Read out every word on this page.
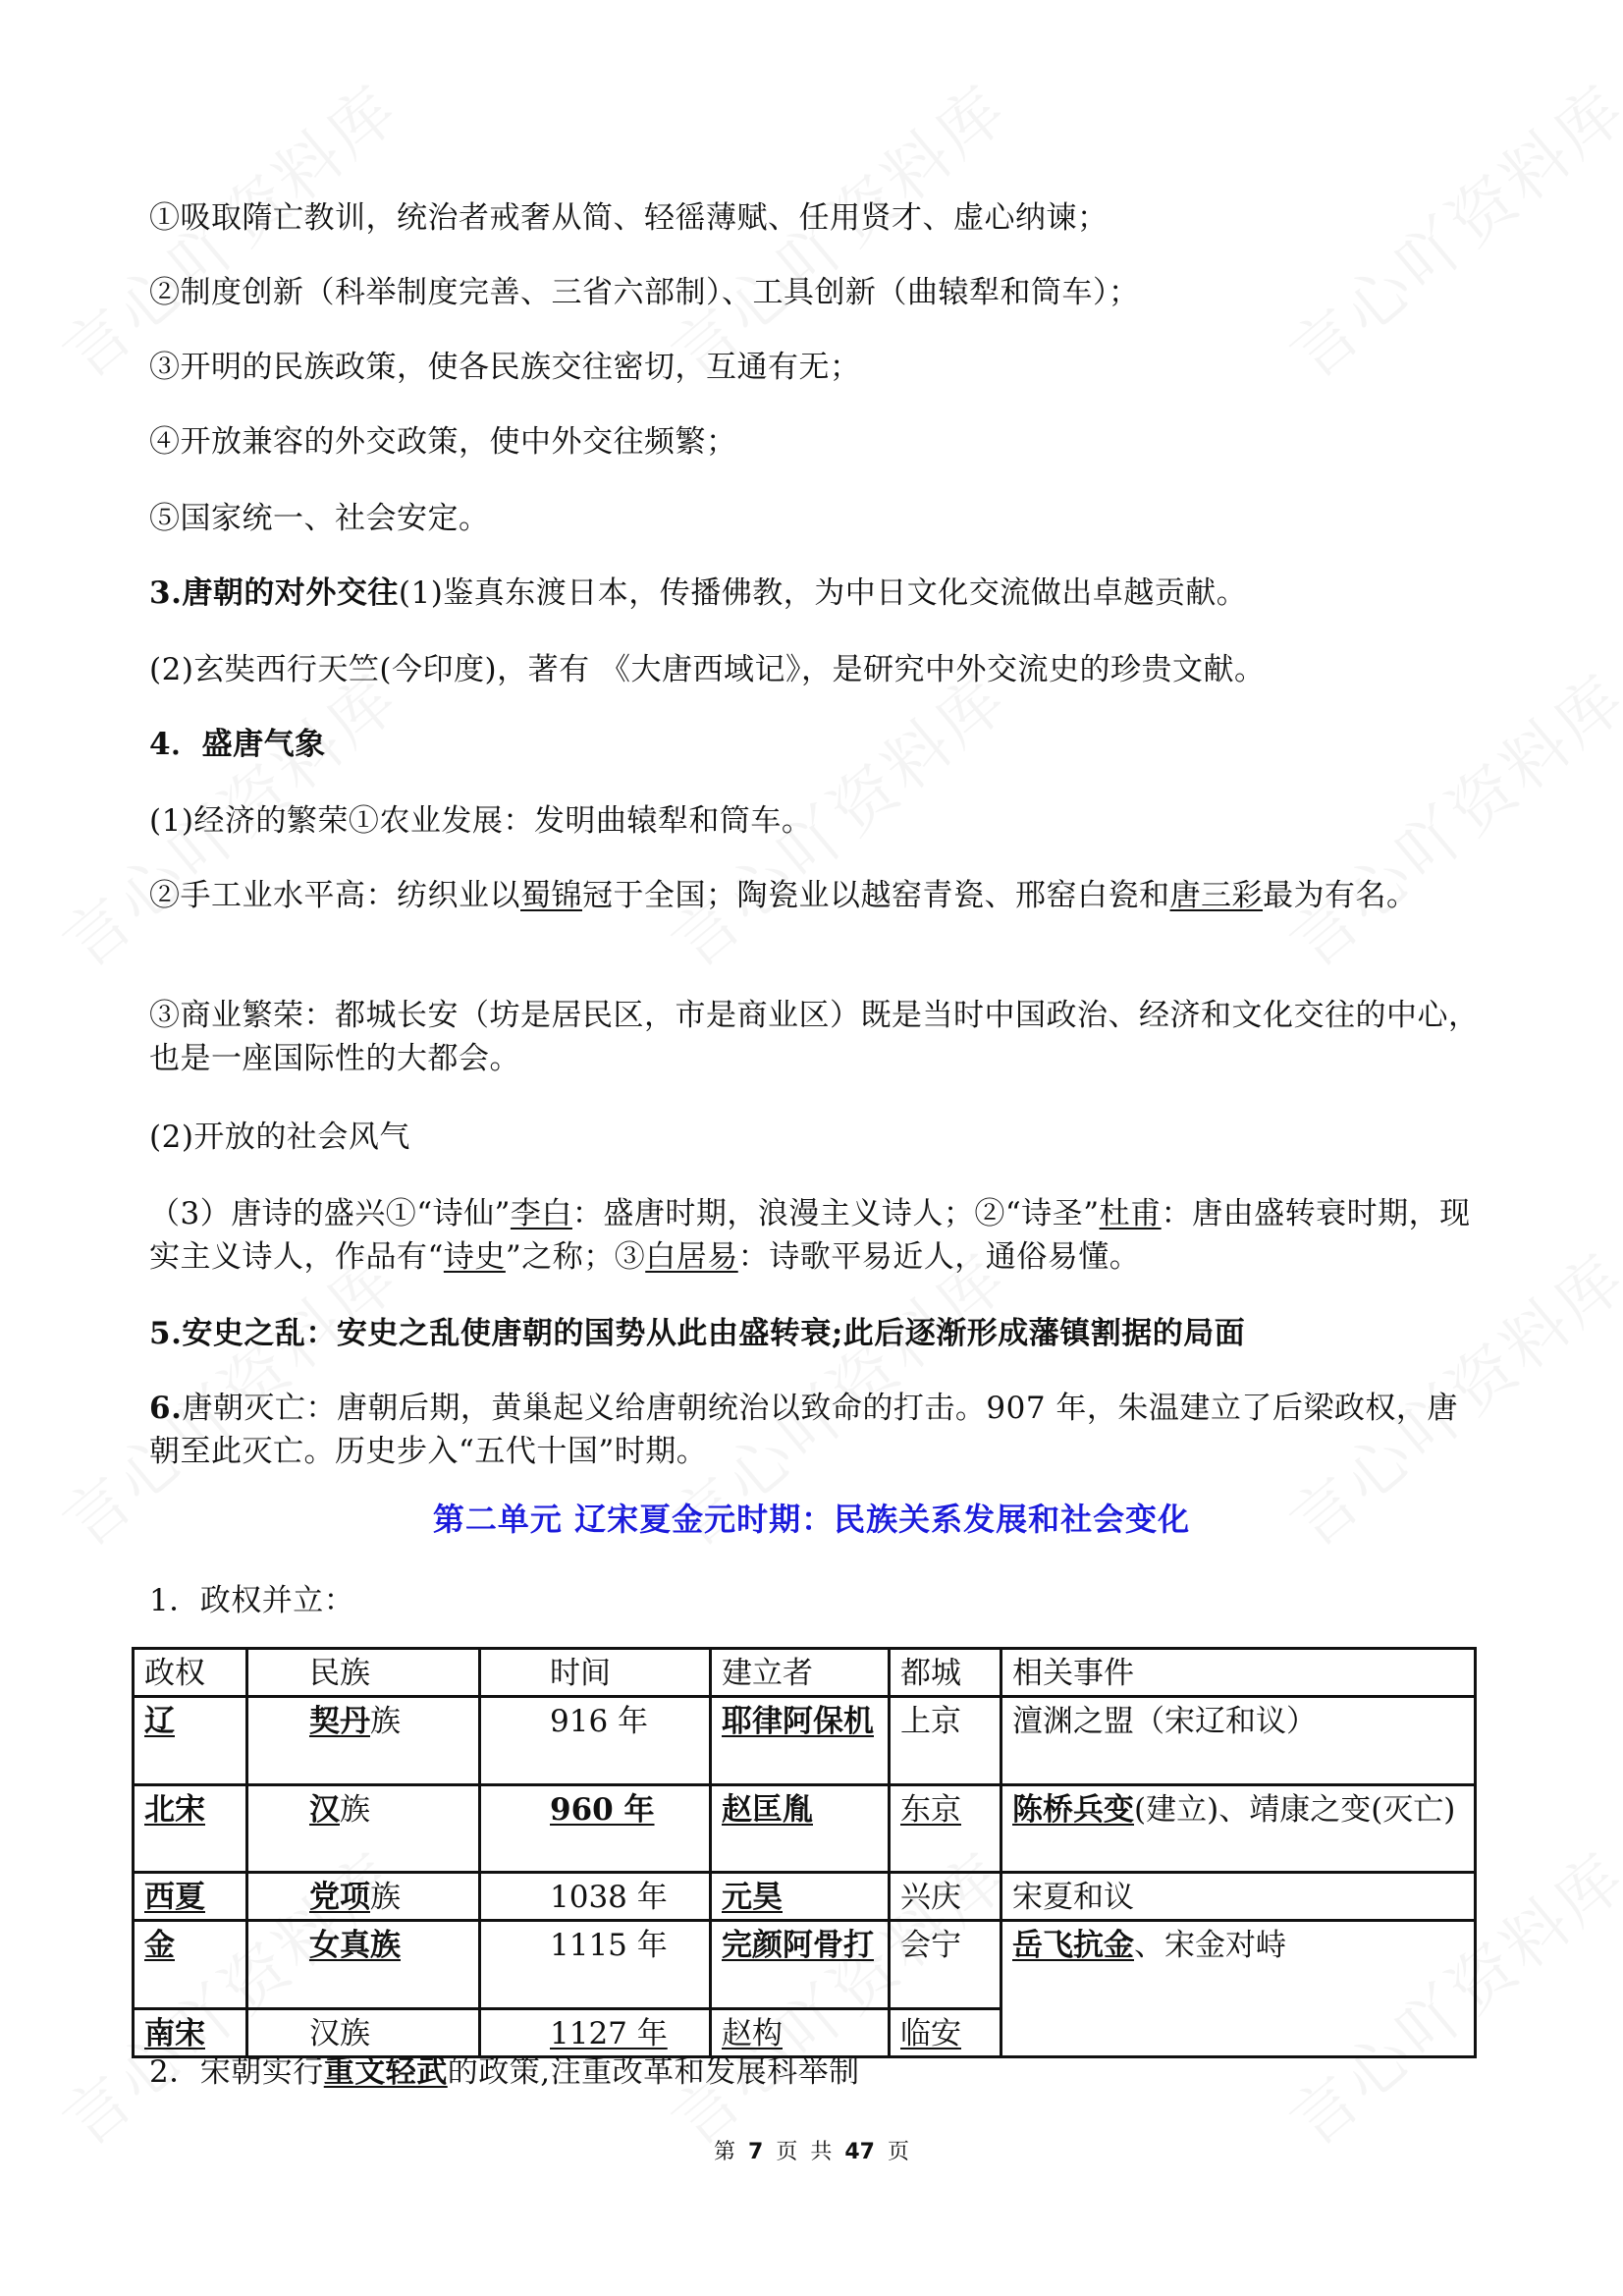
①吸取隋亡教训，统治者戒奢从简、轻徭薄赋、任用贤才、虚心纳谏；
②制度创新（科举制度完善、三省六部制）、工具创新（曲辕犁和筒车）；
③开明的民族政策，使各民族交往密切，互通有无；
④开放兼容的外交政策，使中外交往频繁；
⑤国家统一、社会安定。
3.唐朝的对外交往(1)鉴真东渡日本，传播佛教，为中日文化交流做出卓越贡献。
(2)玄奘西行天竺(今印度)，著有 《大唐西域记》，是研究中外交流史的珍贵文献。
4．盛唐气象
(1)经济的繁荣①农业发展：发明曲辕犁和筒车。
②手工业水平高：纺织业以蜀锦冠于全国；陶瓷业以越窑青瓷、邢窑白瓷和唐三彩最为有名。
③商业繁荣：都城长安（坊是居民区，市是商业区）既是当时中国政治、经济和文化交往的中心，也是一座国际性的大都会。
(2)开放的社会风气
（3）唐诗的盛兴①“诗仙”李白：盛唐时期，浪漫主义诗人；②“诗圣”杜甫：唐由盛转衰时期，现实主义诗人，作品有“诗史”之称；③白居易：诗歌平易近人，通俗易懂。
5.安史之乱：安史之乱使唐朝的国势从此由盛转衰;此后逐渐形成藩镇割据的局面
6.唐朝灭亡：唐朝后期，黄巢起义给唐朝统治以致命的打击。907 年，朱温建立了后梁政权，唐朝至此灭亡。历史步入“五代十国”时期。
第二单元 辽宋夏金元时期：民族关系发展和社会变化
1．政权并立：
政权	民族	时间	建立者	都城	相关事件
辽	契丹族	916 年	耶律阿保机	上京	澶渊之盟（宋辽和议）
北宋	汉族	960 年	赵匡胤	东京	陈桥兵变(建立)、靖康之变(灭亡)
西夏	党项族	1038 年	元昊	兴庆	宋夏和议
金	女真族	1115 年	完颜阿骨打	会宁	岳飞抗金、宋金对峙
南宋	汉族	1127 年	赵构	临安	
2．宋朝实行重文轻武的政策,注重改革和发展科举制
第 7 页 共 47 页
